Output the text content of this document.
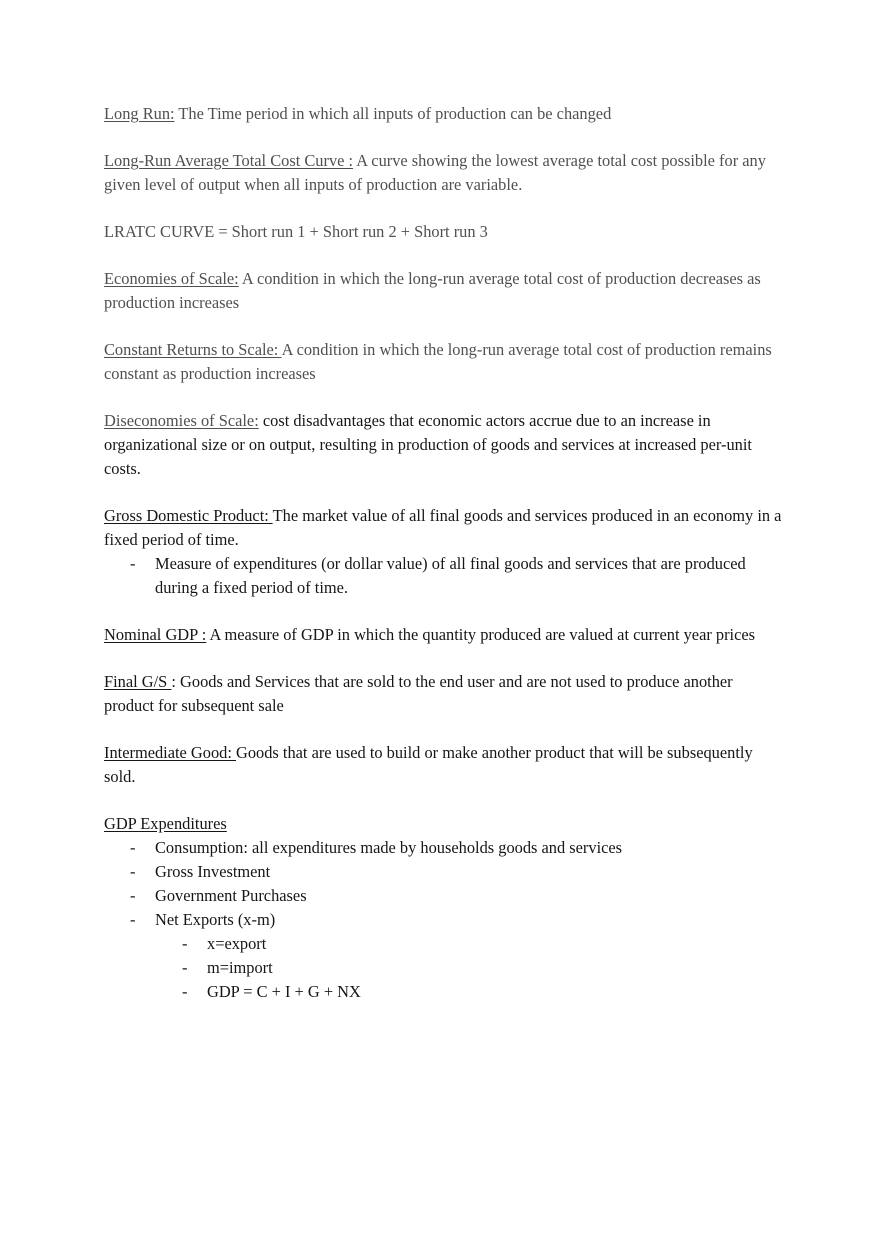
Long Run: The Time period in which all inputs of production can be changed

Long-Run Average Total Cost Curve : A curve showing the lowest average total cost possible for any given level of output when all inputs of production are variable.

LRATC CURVE = Short run 1 + Short run 2 + Short run 3

Economies of Scale: A condition in which the long-run average total cost of production decreases as production increases

Constant Returns to Scale: A condition in which the long-run average total cost of production remains constant as production increases

Diseconomies of Scale: cost disadvantages that economic actors accrue due to an increase in organizational size or on output, resulting in production of goods and services at increased per-unit costs.

Gross Domestic Product: The market value of all final goods and services produced in an economy in a fixed period of time.

- Measure of expenditures (or dollar value) of all final goods and services that are produced during a fixed period of time.

Nominal GDP : A measure of GDP in which the quantity produced are valued at current year prices

Final G/S : Goods and Services that are sold to the end user and are not used to produce another product for subsequent sale

Intermediate Good: Goods that are used to build or make another product that will be subsequently sold.

GDP Expenditures

- Consumption: all expenditures made by households goods and services

- Gross Investment

- Government Purchases

- Net Exports (x-m)

- x=export

- m=import

- GDP = C + I + G + NX
